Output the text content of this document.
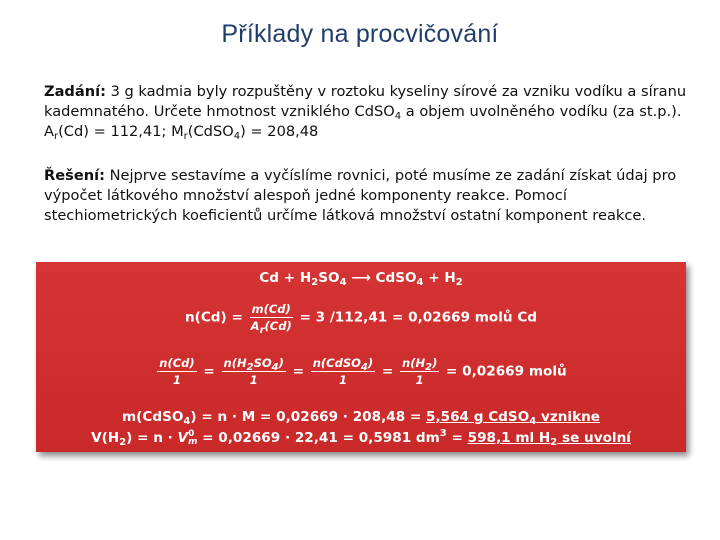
Příklady na procvičování
Zadání: 3 g kadmia byly rozpuštěny v roztoku kyseliny sírové za vzniku vodíku a síranu kademnatého. Určete hmotnost vzniklého CdSO$_4$ a objem uvolněného vodíku (za st.p.).
$A_r(Cd) = 112,41$; $M_r(CdSO_4) = 208,48$
Řešení: Nejprve sestavíme a vyčíslíme rovnici, poté musíme ze zadání získat údaj pro výpočet látkového množství alespoň jedné komponenty reakce. Pomocí stechiometrických koeficientů určíme látková množství ostatní komponent reakce.
$Cd + H_2SO_4$ ⟶ CdSO$_4$ + $H_2$
$n(Cd) = \frac{m(Cd)}{A_r(Cd)} = 3$ /112,41 = 0,02669 molů Cd
$\frac{n(Cd)}{1} = \frac{n(H_2SO_4)}{1} = \frac{n(CdSO_4)}{1} = \frac{n(H_2)}{1} = 0,02669$ molů
m(CdSO$_4$) = n · M = 0,02669 · 208,48 = 5,564 g CdSO$_4$ vznikne
$V(H_2) = n \cdot V$ 0
m = 0,02669 · 22,41 = 0,5981 $dm^3 = 598,1$ ml $H_2$ se uvolní
